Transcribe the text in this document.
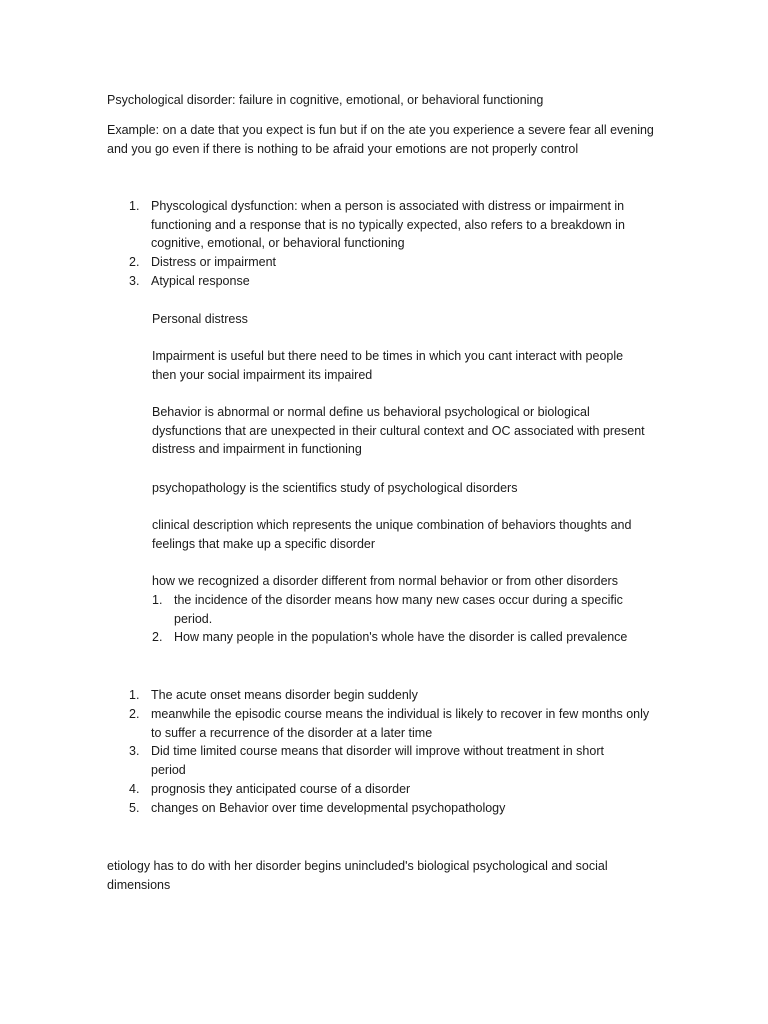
Psychological disorder: failure in cognitive, emotional, or behavioral functioning
Example: on a date that you expect is fun but if on the ate you experience a severe fear all evening
and you go even if there is nothing to be afraid your emotions are not properly control
1. Physcological dysfunction: when a person is associated with distress or impairment in
functioning and a response that is no typically expected, also refers to a breakdown in
cognitive, emotional, or behavioral functioning
2. Distress or impairment
3. Atypical response
Personal distress
Impairment is useful but there need to be times in which you cant interact with people
then your social impairment its impaired
Behavior is abnormal or normal define us behavioral psychological or biological
dysfunctions that are unexpected in their cultural context and OC associated with present
distress and impairment in functioning
psychopathology is the scientifics study of psychological disorders
clinical description which represents the unique combination of behaviors thoughts and
feelings that make up a specific disorder
how we recognized a disorder different from normal behavior or from other disorders
1. the incidence of the disorder means how many new cases occur during a specific
period.
2. How many people in the population's whole have the disorder is called prevalence
1. The acute onset means disorder begin suddenly
2. meanwhile the episodic course means the individual is likely to recover in few months only
to suffer a recurrence of the disorder at a later time
3. Did time limited course means that disorder will improve without treatment in short
period
4. prognosis they anticipated course of a disorder
5. changes on Behavior over time developmental psychopathology
etiology has to do with her disorder begins unincluded's biological psychological and social
dimensions
